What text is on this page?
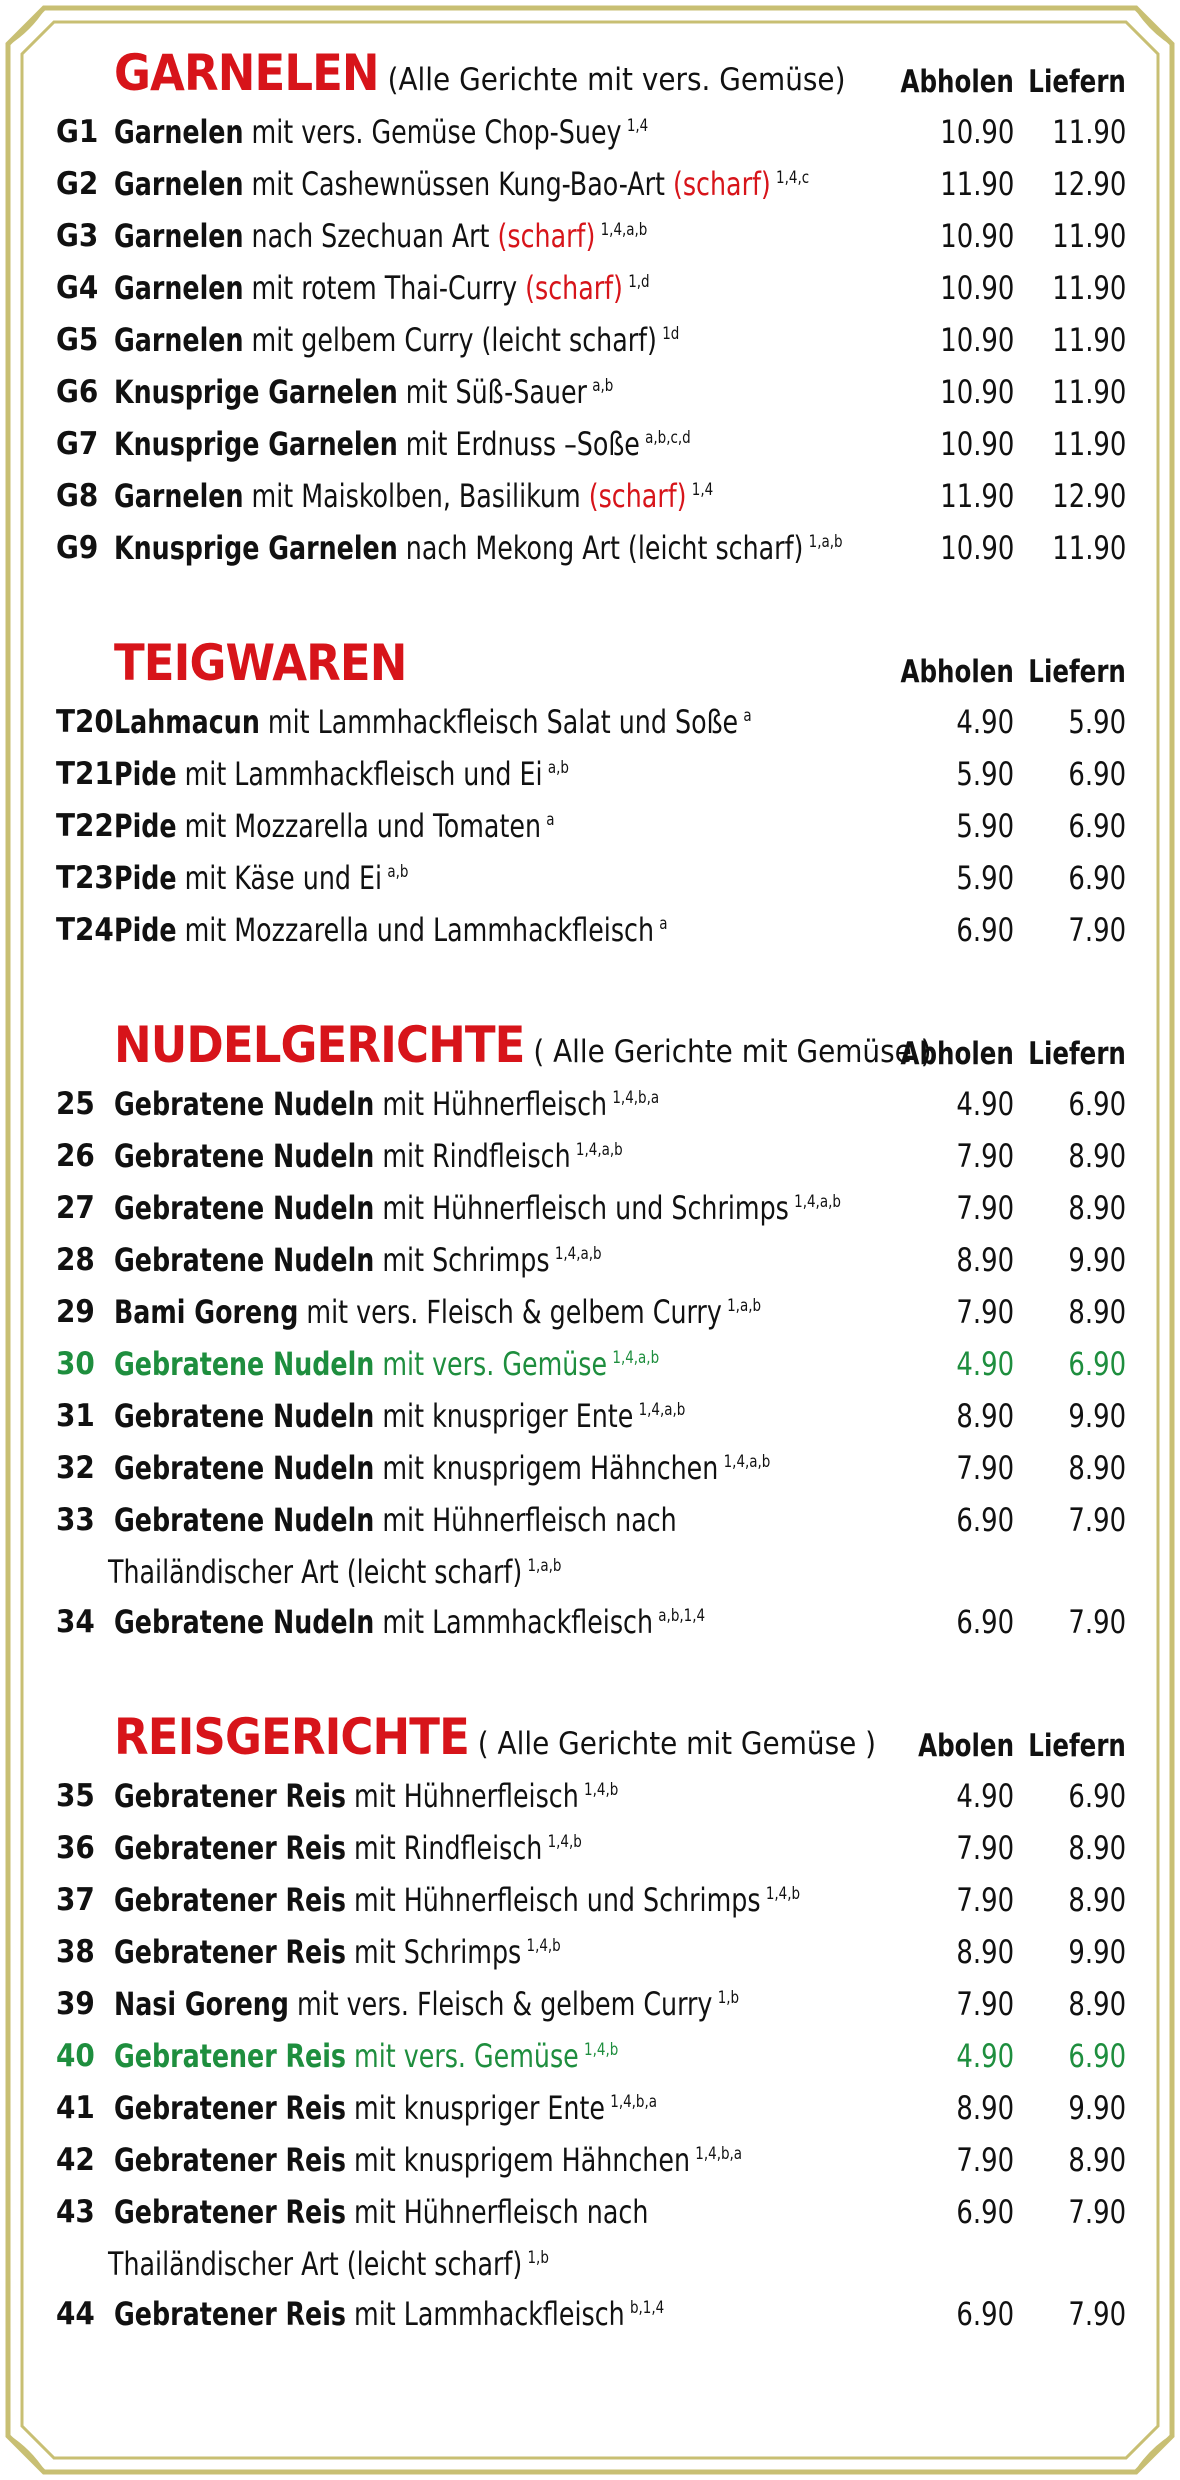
GARNELEN (Alle Gerichte mit vers. Gemüse) Abholen Liefern
G1 Garnelen mit vers. Gemüse Chop-Suey $^{1,4}$	10.90 11.90
G2 Garnelen mit Cashewnüssen Kung-Bao-Art (scharf) $^{1,4,c}$	11.90 12.90
G3 Garnelen nach Szechuan Art (scharf) $^{1,4,a,b}$	10.90 11.90
G4 Garnelen mit rotem Thai-Curry (scharf) $^{1,d}$	10.90 11.90
G5 Garnelen mit gelbem Curry (leicht scharf) $^{1d}$	10.90 11.90
G6 Knusprige Garnelen mit Süß-Sauer $^{a,b}$	10.90 11.90
G7 Knusprige Garnelen mit Erdnuss –Soße $^{a,b,c,d}$	10.90 11.90
G8 Garnelen mit Maiskolben, Basilikum (scharf) $^{1,4}$	11.90 12.90
G9 Knusprige Garnelen nach Mekong Art (leicht scharf) $^{1,a,b}$	10.90 11.90
TEIGWAREN	Abholen Liefern
T20 Lahmacun mit Lammhackfleisch Salat und Soße $^a$	4.90 5.90
T21 Pide mit Lammhackfleisch und Ei $^{a,b}$	5.90 6.90
T22 Pide mit Mozzarella und Tomaten $^a$	5.90 6.90
T23 Pide mit Käse und Ei $^{a,b}$	5.90 6.90
T24 Pide mit Mozzarella und Lammhackfleisch $^a$	6.90 7.90
NUDELGERICHTE ( Alle Gerichte mit Gemüse )
Abholen Liefern
25 Gebratene Nudeln mit Hühnerfleisch $^{1,4,b,a}$	4.90 6.90
26 Gebratene Nudeln mit Rindfleisch $^{1,4,a,b}$	7.90 8.90
27 Gebratene Nudeln mit Hühnerfleisch und Schrimps $^{1,4,a,b}$	7.90 8.90
28 Gebratene Nudeln mit Schrimps $^{1,4,a,b}$	8.90 9.90
29 Bami Goreng mit vers. Fleisch & gelbem Curry $^{1,a,b}$	7.90 8.90
30 Gebratene Nudeln mit vers. Gemüse $^{1,4,a,b}$	4.90 6.90
31 Gebratene Nudeln mit knuspriger Ente $^{1,4,a,b}$	8.90 9.90
32 Gebratene Nudeln mit knusprigem Hähnchen $^{1,4,a,b}$	7.90 8.90
33 Gebratene Nudeln mit Hühnerfleisch nach	6.90 7.90
Thailändischer Art (leicht scharf) $^{1,a,b}$
34 Gebratene Nudeln mit Lammhackfleisch $^{a,b,1,4}$	6.90 7.90
REISGERICHTE ( Alle Gerichte mit Gemüse ) Abolen Liefern
35 Gebratener Reis mit Hühnerfleisch $^{1,4,b}$	4.90 6.90
36 Gebratener Reis mit Rindfleisch $^{1,4,b}$	7.90 8.90
37 Gebratener Reis mit Hühnerfleisch und Schrimps $^{1,4,b}$	7.90 8.90
38 Gebratener Reis mit Schrimps $^{1,4,b}$	8.90 9.90
39 Nasi Goreng mit vers. Fleisch & gelbem Curry $^{1,b}$	7.90 8.90
40 Gebratener Reis mit vers. Gemüse $^{1,4,b}$	4.90 6.90
41 Gebratener Reis mit knuspriger Ente $^{1,4,b,a}$	8.90 9.90
42 Gebratener Reis mit knusprigem Hähnchen $^{1,4,b,a}$	7.90 8.90
43 Gebratener Reis mit Hühnerfleisch nach	6.90 7.90
Thailändischer Art (leicht scharf) $^{1,b}$
44 Gebratener Reis mit Lammhackfleisch $^{b,1,4}$	6.90 7.90
